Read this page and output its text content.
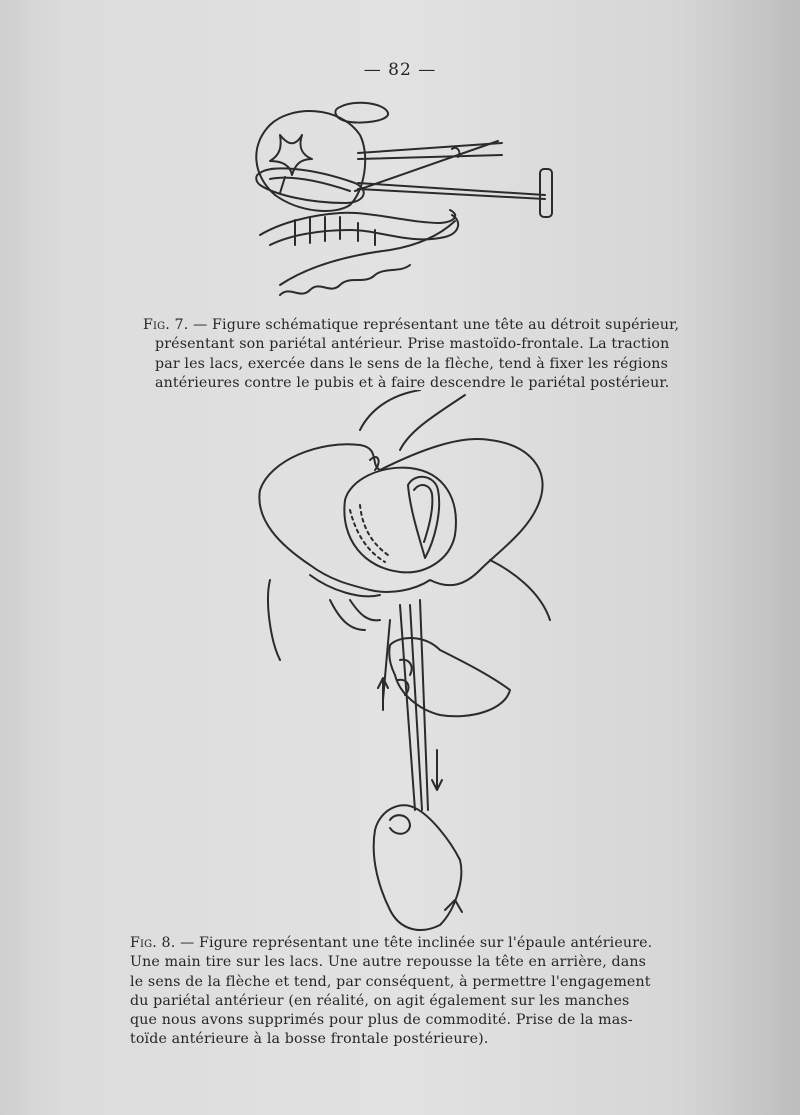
— 82 —
Fig. 7. — Figure schématique représentant une tête au détroit supérieur,
présentant son pariétal antérieur. Prise mastoïdo-frontale. La traction
par les lacs, exercée dans le sens de la flèche, tend à fixer les régions
antérieures contre le pubis et à faire descendre le pariétal postérieur.
Fig. 8. — Figure représentant une tête inclinée sur l'épaule antérieure.
Une main tire sur les lacs. Une autre repousse la tête en arrière, dans
le sens de la flèche et tend, par conséquent, à permettre l'engagement
du pariétal antérieur (en réalité, on agit également sur les manches
que nous avons supprimés pour plus de commodité. Prise de la mas-
toïde antérieure à la bosse frontale postérieure).
